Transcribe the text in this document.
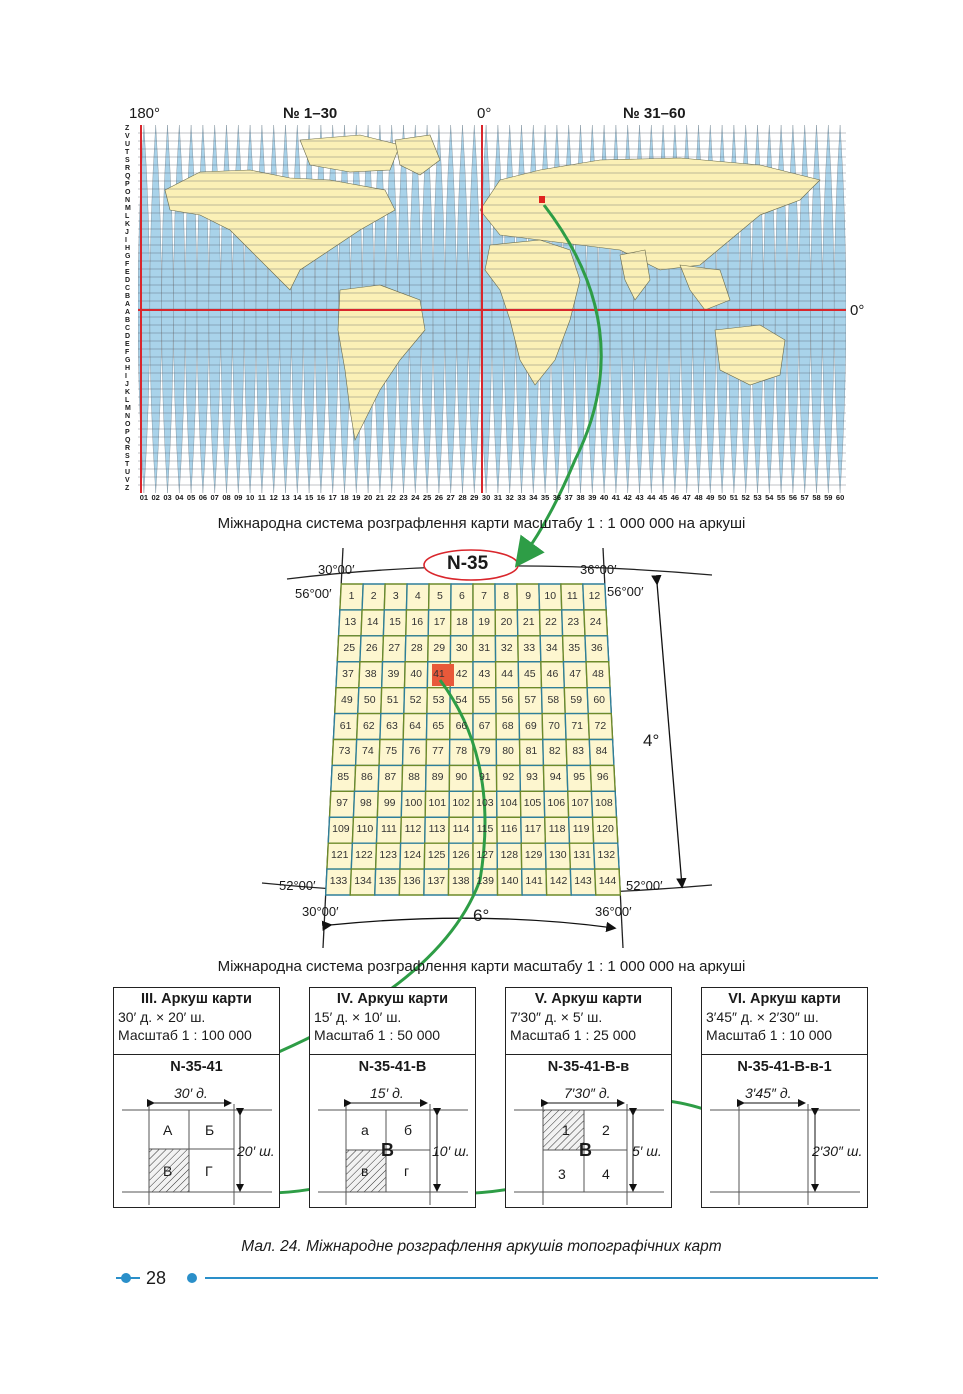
180°	№ 1–30	0°	№ 31–60
0°
Z
V
U
T
S
R
Q
P
O
N
M
L
K
J
I
H
G
F
E
D
C
B
A
A
B
C
D
E
F
G
H
I
J
K
L
M
N
O
P
Q
R
S
T
U
V
Z
01 02 03 04 05 06 07 08 09 10 11 12 13 14 15 16 17 18 19 20 21 22 23 24 25 26 27 28 29 30 31 32 33 34 35 36 37 38 39 40 41 42 43 44 45 46 47 48 49 50 51 52 53 54 55 56 57 58 59 60
Міжнародна система розграфлення карти масштабу 1 : 1 000 000 на аркуші
N-35
30°00′	36°00′
56°00′	56°00′
52°00′	52°00′
30°00′	36°00′
4°
6°
1	2	3	4	5	6	7	8	9	10	11	12
13	14	15	16	17	18	19	20	21	22	23	24
25	26	27	28	29	30	31	32	33	34	35	36
37	38	39	40	41	42	43	44	45	46	47	48
49	50	51	52	53	54	55	56	57	58	59	60
61	62	63	64	65	66	67	68	69	70	71	72
73	74	75	76	77	78	79	80	81	82	83	84
85	86	87	88	89	90	91	92	93	94	95	96
97	98	99 100 101 102 103 104 105 106 107 108
109 110 111 112 113 114 115 116 117 118 119 120
121 122 123 124 125 126 127 128 129 130 131 132
133 134 135 136 137 138 139 140 141 142 143 144
Міжнародна система розграфлення карти масштабу 1 : 1 000 000 на аркуші
III. Аркуш карти
30′ д. × 20′ ш.
Масштаб 1 : 100 000
N-35-41
IV. Аркуш карти
15′ д. × 10′ ш.
Масштаб 1 : 50 000
N-35-41-В
V. Аркуш карти
7′30″ д. × 5′ ш.
Масштаб 1 : 25 000
N-35-41-В-в
VI. Аркуш карти
3′45″ д. × 2′30″ ш.
Масштаб 1 : 10 000
N-35-41-В-в-1
30′ д.
20′ ш.
А Б
В Г
15′ д.
10′ ш.
а	б
в	г
В
7′30″ д.
5′ ш.
1 2
3	4
В
3′45″ д.
2′30″ ш.
Мал. 24. Міжнародне розграфлення аркушів топографічних карт
28
